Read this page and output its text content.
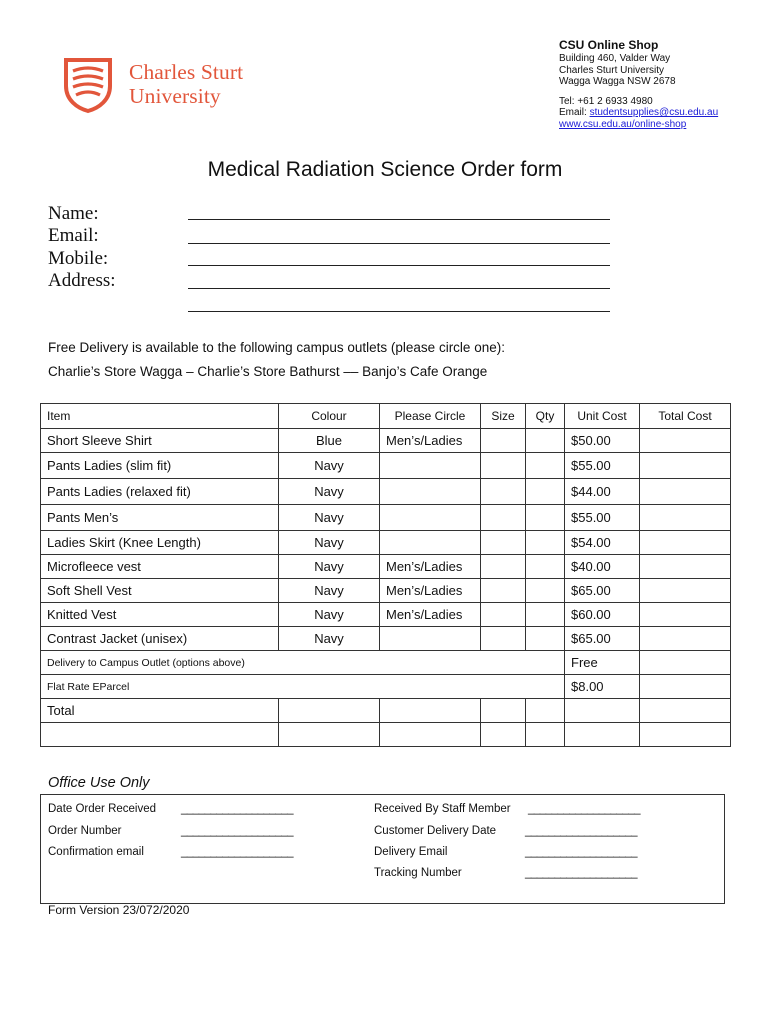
Charles Sturt
University
CSU Online Shop
Building 460, Valder Way
Charles Sturt University
Wagga Wagga NSW 2678
Tel: +61 2 6933 4980
Email: studentsupplies@csu.edu.au
www.csu.edu.au/online-shop
Medical Radiation Science Order form
Name:
Email:
Mobile:
Address:
Free Delivery is available to the following campus outlets (please circle one):
Charlie’s Store Wagga – Charlie’s Store Bathurst –– Banjo’s Cafe Orange
Item	Colour	Please Circle	Size	Qty	Unit Cost	Total Cost
Short Sleeve Shirt	Blue	Men’s/Ladies			$50.00	
Pants Ladies (slim fit)	Navy				$55.00	
Pants Ladies (relaxed fit)	Navy				$44.00	
Pants Men’s	Navy				$55.00	
Ladies Skirt (Knee Length)	Navy				$54.00	
Microfleece vest	Navy	Men’s/Ladies			$40.00	
Soft Shell Vest	Navy	Men’s/Ladies			$65.00	
Knitted Vest	Navy	Men’s/Ladies			$60.00	
Contrast Jacket (unisex)	Navy				$65.00	
Delivery to Campus Outlet (options above)					Free	
Flat Rate EParcel					$8.00	
Total						

Office Use Only
Date Order Received ___________________
Order Number	___________________
Confirmation email	___________________
Received By Staff Member ___________________
Customer Delivery Date	___________________
Delivery Email	___________________
Tracking Number	___________________
Form Version 23/072/2020
